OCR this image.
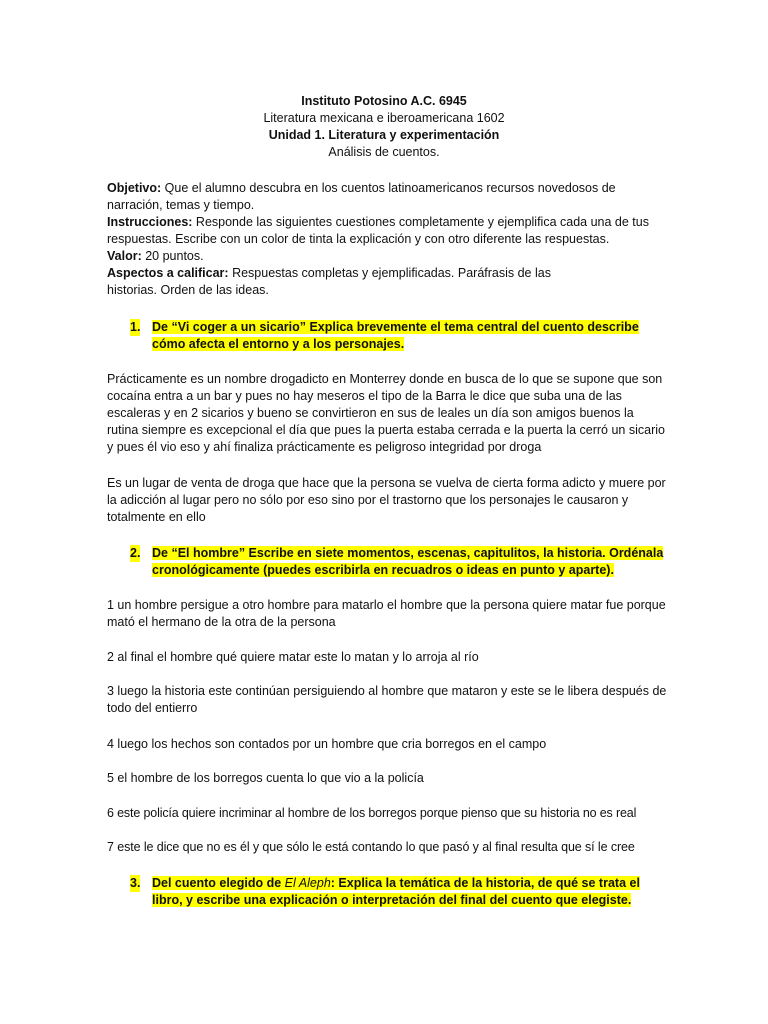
Instituto Potosino A.C. 6945
Literatura mexicana e iberoamericana 1602
Unidad 1. Literatura y experimentación
Análisis de cuentos.

Objetivo: Que el alumno descubra en los cuentos latinoamericanos recursos novedosos de narración, temas y tiempo.

Instrucciones: Responde las siguientes cuestiones completamente y ejemplifica cada una de tus respuestas. Escribe con un color de tinta la explicación y con otro diferente las respuestas.

Valor: 20 puntos.

Aspectos a calificar: Respuestas completas y ejemplificadas. Paráfrasis de las historias. Orden de las ideas.

1. De “Vi coger a un sicario” Explica brevemente el tema central del cuento describe cómo afecta el entorno y a los personajes.

Prácticamente es un nombre drogadicto en Monterrey donde en busca de lo que se supone que son cocaína entra a un bar y pues no hay meseros el tipo de la Barra le dice que suba una de las escaleras y en 2 sicarios y bueno se convirtieron en sus de leales un día son amigos buenos la rutina siempre es excepcional el día que pues la puerta estaba cerrada e la puerta la cerró un sicario y pues él vio eso y ahí finaliza prácticamente es peligroso integridad por droga

Es un lugar de venta de droga que hace que la persona se vuelva de cierta forma adicto y muere por la adicción al lugar pero no sólo por eso sino por el trastorno que los personajes le causaron y totalmente en ello

2. De “El hombre” Escribe en siete momentos, escenas, capitulitos, la historia. Ordénala cronológicamente (puedes escribirla en recuadros o ideas en punto y aparte).

1 un hombre persigue a otro hombre para matarlo el hombre que la persona quiere matar fue porque mató el hermano de la otra de la persona

2 al final el hombre qué quiere matar este lo matan y lo arroja al río

3 luego la historia este continúan persiguiendo al hombre que mataron y este se le libera después de todo del entierro

4 luego los hechos son contados por un hombre que cria borregos en el campo
5 el hombre de los borregos cuenta lo que vio a la policía
6 este policía quiere incriminar al hombre de los borregos porque pienso que su historia no es real
7 este le dice que no es él y que sólo le está contando lo que pasó y al final resulta que sí le cree
3. Del cuento elegido de El Aleph: Explica la temática de la historia, de qué se trata el libro, y escribe una explicación o interpretación del final del cuento que elegiste.
